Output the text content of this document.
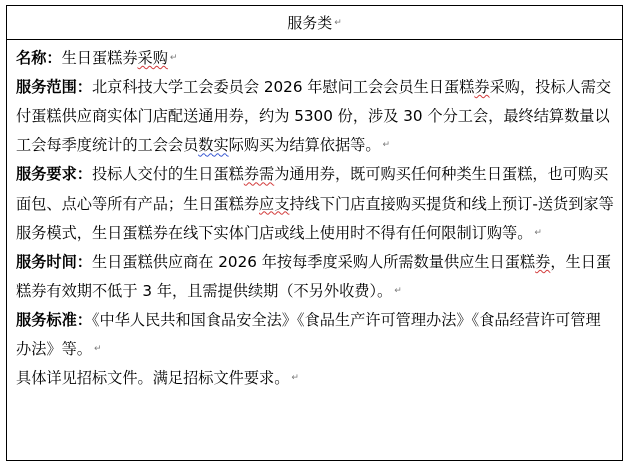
服务类 ↵

名称：生日蛋糕券采购 ↵

服务范围：北京科技大学工会委员会 2026 年慰问工会会员生日蛋糕券采购，投标人需交付蛋糕供应商实体门店配送通用券，约为 5300 份，涉及 30 个分工会，最终结算数量以工会每季度统计的工会会员数实际购买为结算依据等。 ↵

服务要求：投标人交付的生日蛋糕券需为通用券，既可购买任何种类生日蛋糕，也可购买面包、点心等所有产品；生日蛋糕券应支持线下门店直接购买提货和线上预订-送货到家等服务模式，生日蛋糕券在线下实体门店或线上使用时不得有任何限制订购等。 ↵

服务时间：生日蛋糕供应商在 2026 年按每季度采购人所需数量供应生日蛋糕券，生日蛋糕券有效期不低于 3 年，且需提供续期（不另外收费）。 ↵

服务标准：《中华人民共和国食品安全法》《食品生产许可管理办法》《食品经营许可管理办法》等。 ↵

具体详见招标文件。满足招标文件要求。 ↵
